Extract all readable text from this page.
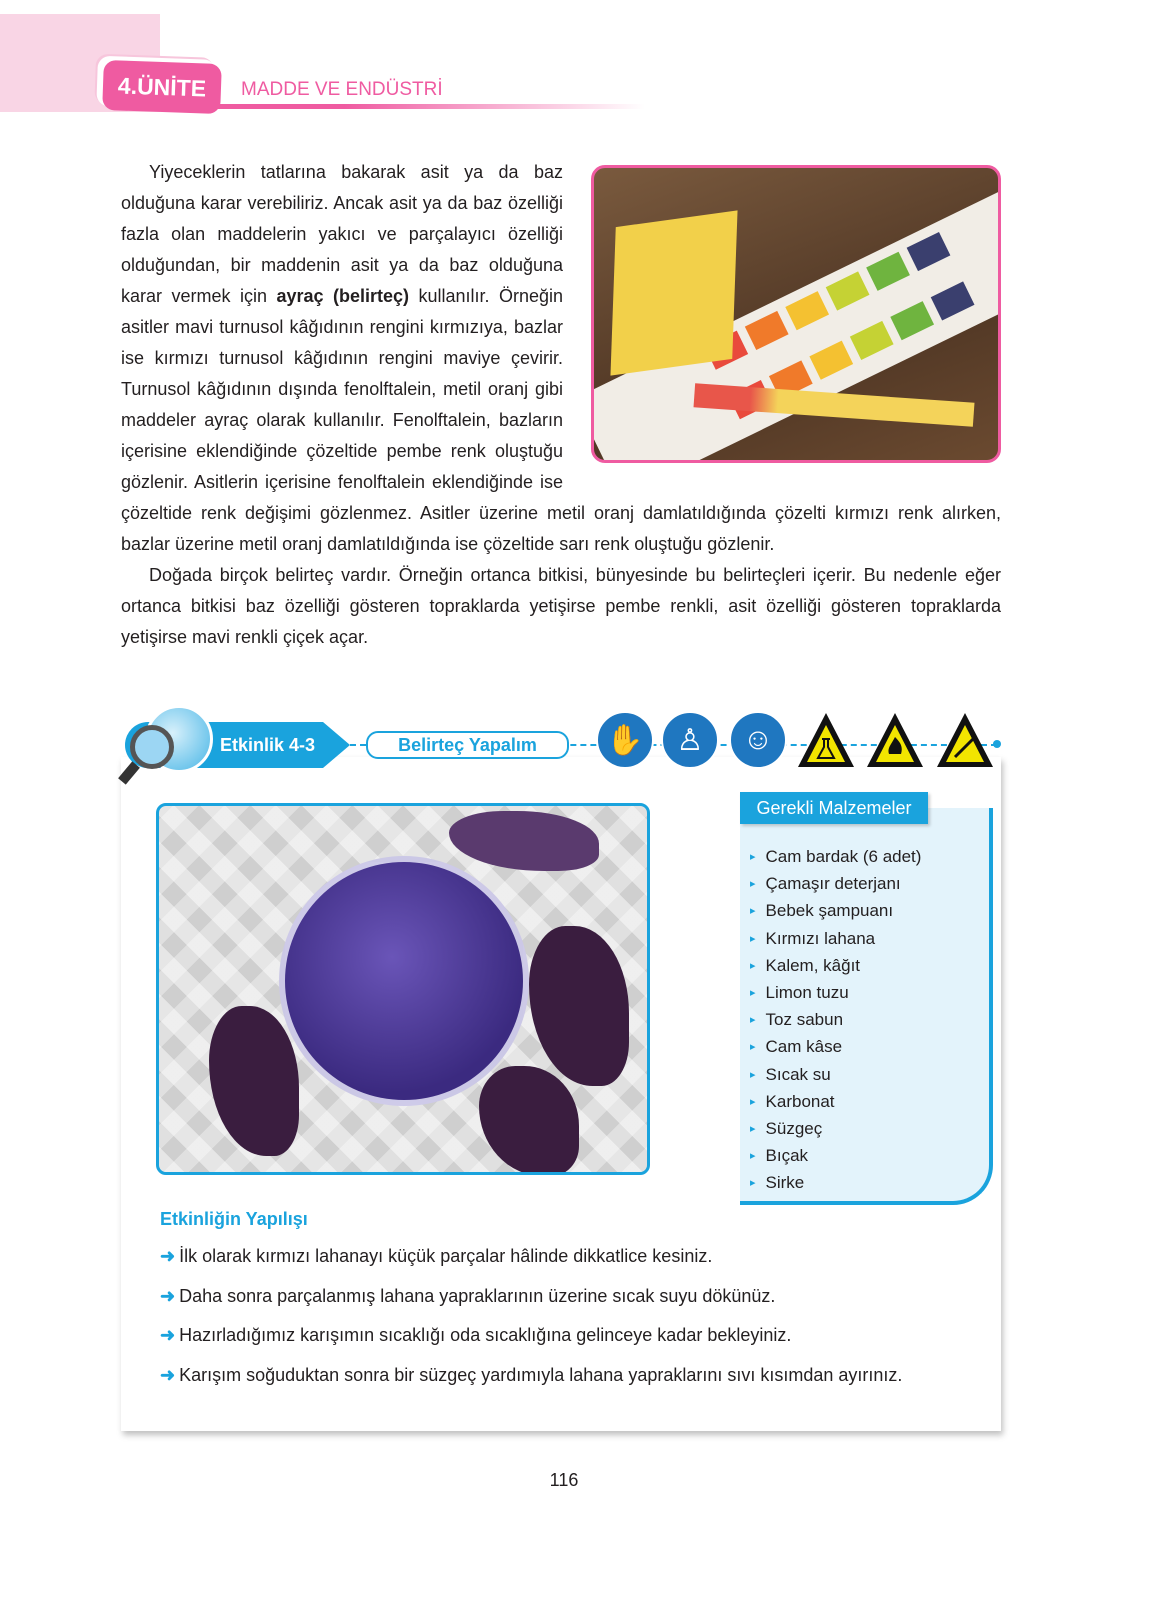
4.ÜNİTE	MADDE VE ENDÜSTRİ

Yiyeceklerin tatlarına bakarak asit ya da baz olduğuna karar verebiliriz. Ancak asit ya da baz özelliği fazla olan maddelerin yakıcı ve parçalayıcı özelliği olduğundan, bir maddenin asit ya da baz olduğuna karar vermek için ayraç (belirteç) kullanılır. Örneğin asitler mavi turnusol kâğıdının rengini kırmızıya, bazlar ise kırmızı turnusol kâğıdının rengini maviye çevirir. Turnusol kâğıdının dışında fenolftalein, metil oranj gibi maddeler ayraç olarak kullanılır. Fenolftalein, bazların içerisine eklendiğinde çözeltide pembe renk oluştuğu gözlenir. Asitlerin içerisine fenolftalein eklendiğinde ise çözeltide renk değişimi gözlenmez. Asitler üzerine metil oranj damlatıldığında çözelti kırmızı renk alırken, bazlar üzerine metil oranj damlatıldığında ise çözeltide sarı renk oluştuğu gözlenir.

Doğada birçok belirteç vardır. Örneğin ortanca bitkisi, bünyesinde bu belirteçleri içerir. Bu nedenle eğer ortanca bitkisi baz özelliği gösteren topraklarda yetişirse pembe renkli, asit özelliği gösteren topraklarda yetişirse mavi renkli çiçek açar.

Etkinlik 4-3	Belirteç Yapalım	✋	♙	☺
Gerekli Malzemeler
▸ Cam bardak (6 adet)
▸ Çamaşır deterjanı
▸ Bebek şampuanı
▸ Kırmızı lahana
▸ Kalem, kâğıt
▸ Limon tuzu
▸ Toz sabun
▸ Cam kâse
▸ Sıcak su
▸ Karbonat
▸ Süzgeç
▸ Bıçak
▸ Sirke
Etkinliğin Yapılışı
➜ İlk olarak kırmızı lahanayı küçük parçalar hâlinde dikkatlice kesiniz.
➜ Daha sonra parçalanmış lahana yapraklarının üzerine sıcak suyu dökünüz.
➜ Hazırladığımız karışımın sıcaklığı oda sıcaklığına gelinceye kadar bekleyiniz.
➜ Karışım soğuduktan sonra bir süzgeç yardımıyla lahana yapraklarını sıvı kısımdan ayırınız.
116
